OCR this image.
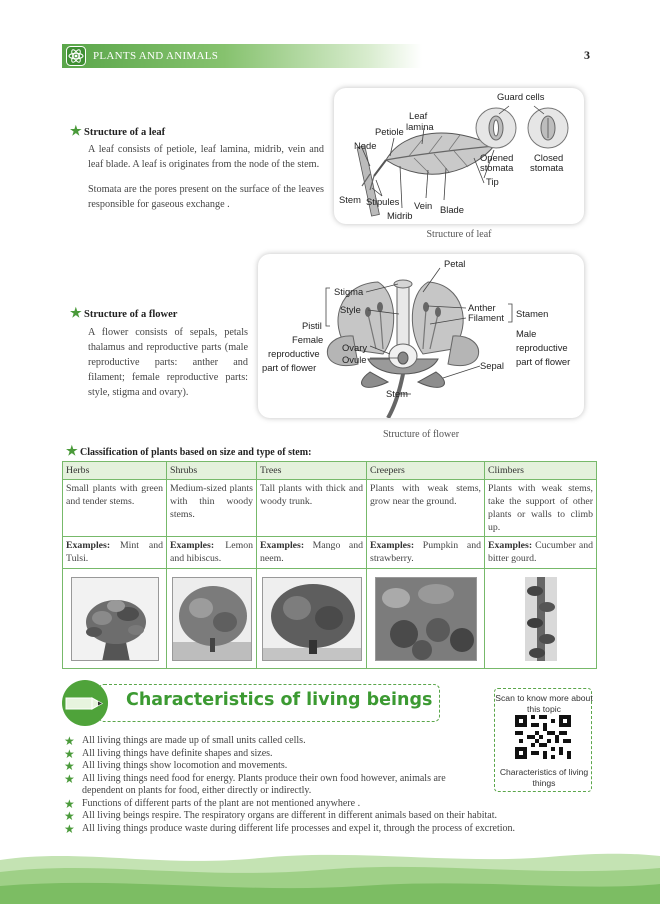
PLANTS AND ANIMALS	3
★ Structure of a leaf
A leaf consists of petiole, leaf lamina, midrib, vein and leaf blade. A leaf is originates from the node of the stem.
Stomata are the pores present on the surface of the leaves responsible for gaseous exchange .
Guard cells
Leaf
lamina
Petiole
Node
Opened
stomata
Closed
stomata
Tip
Stem Stipules Vein Blade
Midrib
Structure of leaf
★ Structure of a flower
A flower consists of sepals, petals thalamus and reproductive parts (male reproductive parts: anther and filament; female reproductive parts: style, stigma and ovary).
Petal
Stigma
Style
Pistil
Female
reproductive
part of flower
Ovary
Ovule
Anther
Filament Stamen
Male
reproductive
part of flower
Sepal
Stem
Structure of flower
★ Classification of plants based on size and type of stem:
Herbs	Shrubs	Trees	Creepers	Climbers
Small plants with green and tender stems.	Medium-sized plants with thin woody stems.	Tall plants with thick and woody trunk.	Plants with weak stems, grow near the ground.	Plants with weak stems, take the support of other plants or walls to climb up.
Examples: Mint and Tulsi.	Examples: Lemon and hibiscus.	Examples: Mango and neem.	Examples: Pumpkin and strawberry.	Examples: Cucumber and bitter gourd.

Characteristics of living beings	Scan to know more about this topic
Characteristics of living things
★ All living things are made up of small units called cells.
★ All living things have definite shapes and sizes.
★ All living things show locomotion and movements.
★ All living things need food for energy. Plants produce their own food however, animals are dependent on plants for food, either directly or indirectly.
★ Functions of different parts of the plant are not mentioned anywhere .
★ All living beings respire. The respiratory organs are different in different animals based on their habitat.
★ All living things produce waste during different life processes and expel it, through the process of excretion.
